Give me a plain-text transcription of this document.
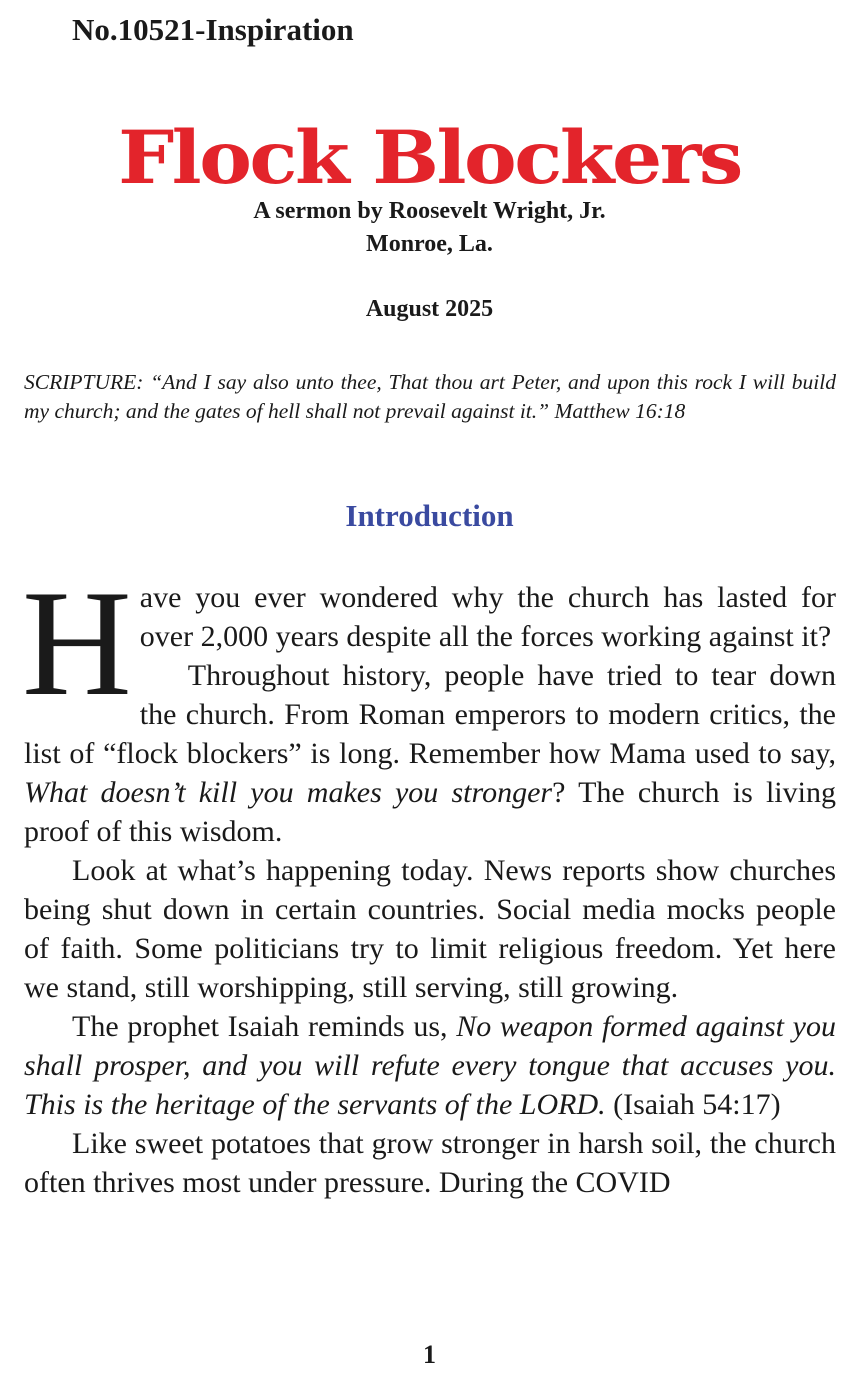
No.10521-Inspiration
Flock Blockers
A sermon by Roosevelt Wright, Jr.
Monroe, La.
August 2025
SCRIPTURE: “And I say also unto thee, That thou art Peter, and upon this rock I will build my church; and the gates of hell shall not prevail against it.” Matthew 16:18
Introduction

Have you ever wondered why the church has lasted for over 2,000 years despite all the forces working against it?

Throughout history, people have tried to tear down the church. From Roman emperors to modern critics, the list of “flock blockers” is long. Remember how Mama used to say, What doesn’t kill you makes you stronger? The church is living proof of this wisdom.

Look at what’s happening today. News reports show churches being shut down in certain countries. Social media mocks people of faith. Some politicians try to limit religious freedom. Yet here we stand, still worshipping, still serving, still growing.

The prophet Isaiah reminds us, No weapon formed against you shall prosper, and you will refute every tongue that accuses you. This is the heritage of the servants of the LORD. (Isaiah 54:17)

Like sweet potatoes that grow stronger in harsh soil, the church often thrives most under pressure. During the COVID

1
